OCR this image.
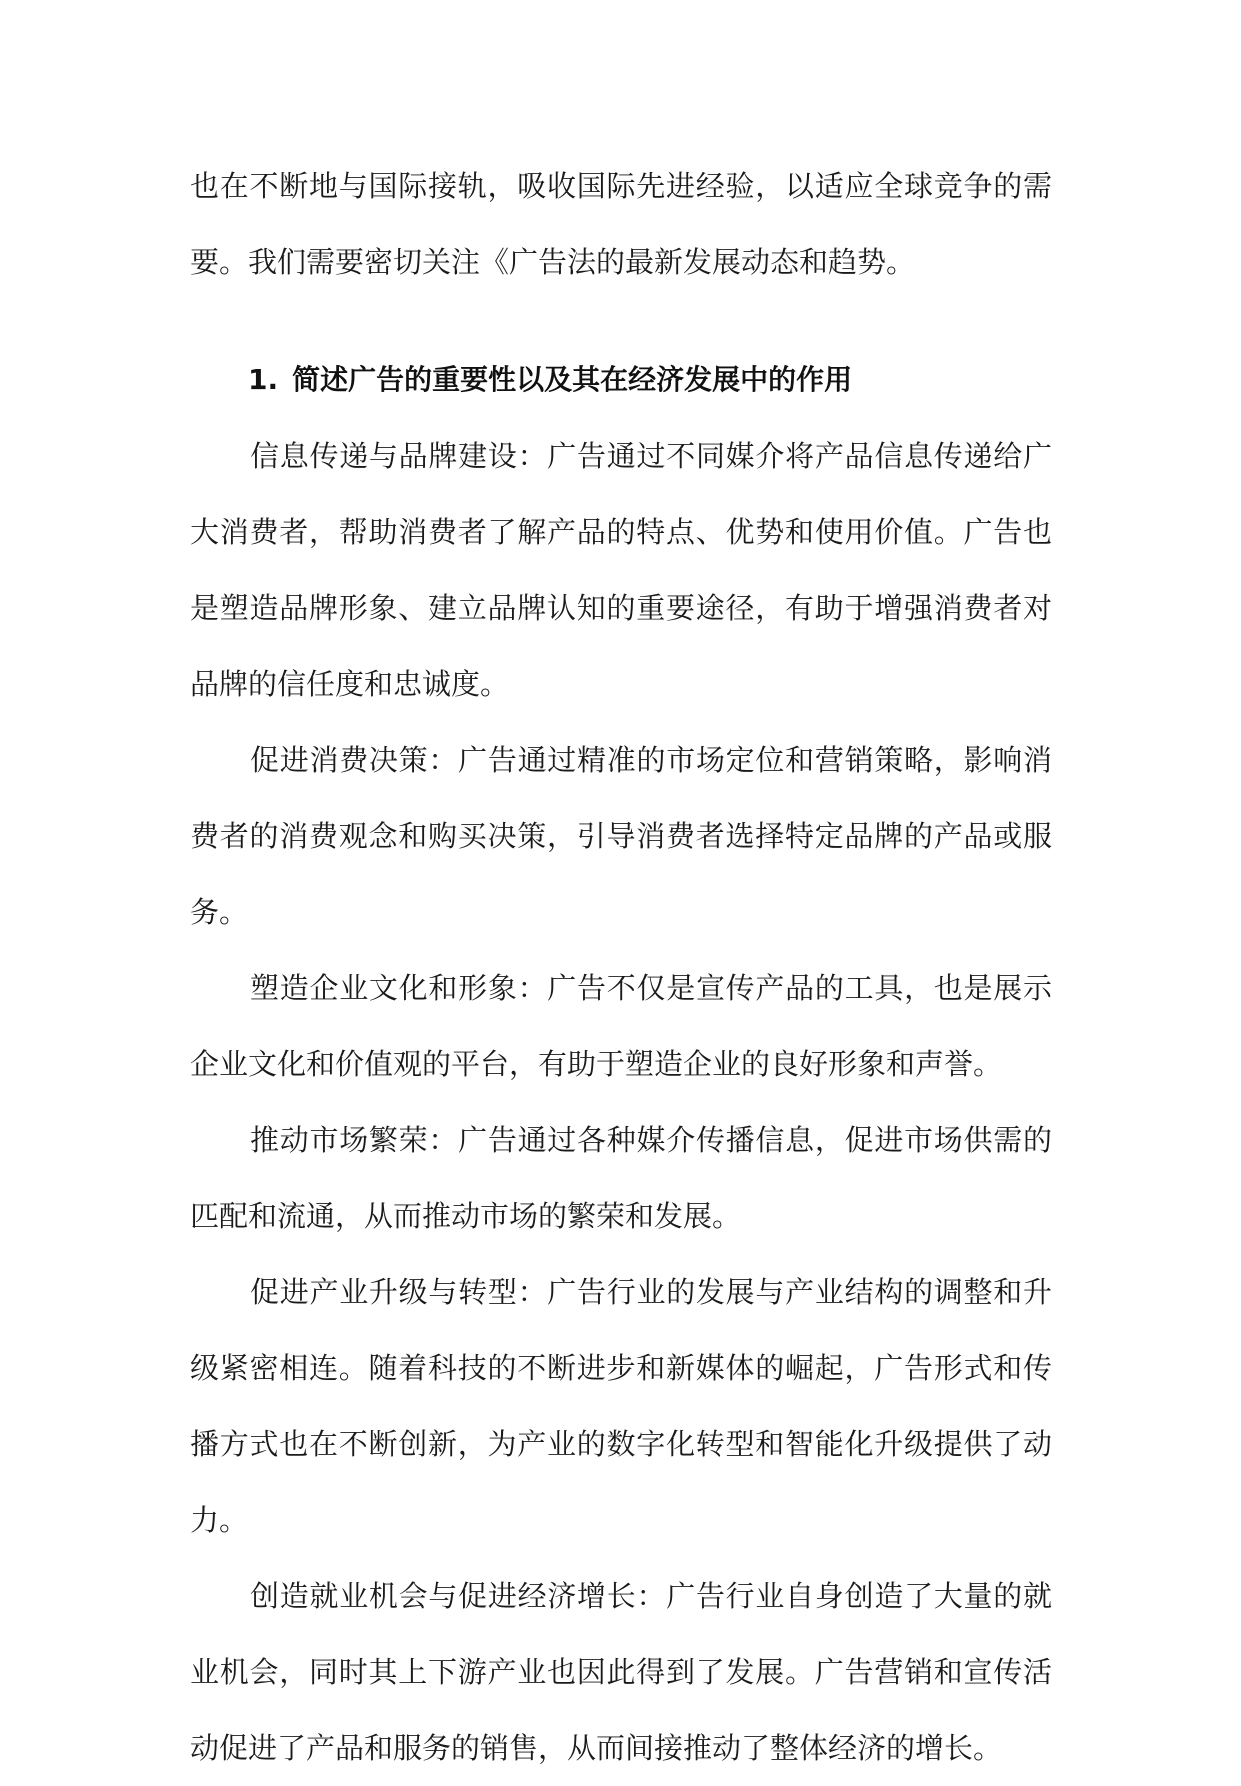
也在不断地与国际接轨，吸收国际先进经验，以适应全球竞争的需要。我们需要密切关注《广告法的最新发展动态和趋势。

1. 简述广告的重要性以及其在经济发展中的作用

信息传递与品牌建设：广告通过不同媒介将产品信息传递给广大消费者，帮助消费者了解产品的特点、优势和使用价值。广告也是塑造品牌形象、建立品牌认知的重要途径，有助于增强消费者对品牌的信任度和忠诚度。

促进消费决策：广告通过精准的市场定位和营销策略，影响消费者的消费观念和购买决策，引导消费者选择特定品牌的产品或服务。

塑造企业文化和形象：广告不仅是宣传产品的工具，也是展示企业文化和价值观的平台，有助于塑造企业的良好形象和声誉。

推动市场繁荣：广告通过各种媒介传播信息，促进市场供需的匹配和流通，从而推动市场的繁荣和发展。

促进产业升级与转型：广告行业的发展与产业结构的调整和升级紧密相连。随着科技的不断进步和新媒体的崛起，广告形式和传播方式也在不断创新，为产业的数字化转型和智能化升级提供了动力。

创造就业机会与促进经济增长：广告行业自身创造了大量的就业机会，同时其上下游产业也因此得到了发展。广告营销和宣传活动促进了产品和服务的销售，从而间接推动了整体经济的增长。
